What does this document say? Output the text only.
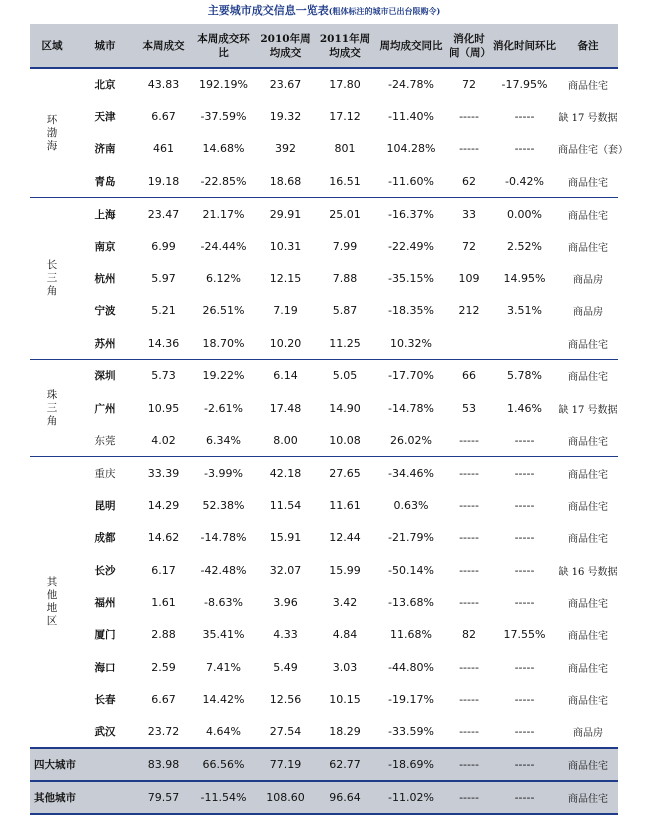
主要城市成交信息一览表(粗体标注的城市已出台限购令)
区域	城市	本周成交	本周成交环比	2010年周均成交	2011年周均成交	周均成交同比	消化时间（周）	消化时间环比	备注
环渤海	北京	43.83	192.19%	23.67	17.80	-24.78%	72	-17.95%	商品住宅
	天津	6.67	-37.59%	19.32	17.12	-11.40%	-----	-----	缺 17 号数据
	济南	461	14.68%	392	801	104.28%	-----	-----	商品住宅（套）
	青岛	19.18	-22.85%	18.68	16.51	-11.60%	62	-0.42%	商品住宅
长三角	上海	23.47	21.17%	29.91	25.01	-16.37%	33	0.00%	商品住宅
	南京	6.99	-24.44%	10.31	7.99	-22.49%	72	2.52%	商品住宅
	杭州	5.97	6.12%	12.15	7.88	-35.15%	109	14.95%	商品房
	宁波	5.21	26.51%	7.19	5.87	-18.35%	212	3.51%	商品房
	苏州	14.36	18.70%	10.20	11.25	10.32%			商品住宅
珠三角	深圳	5.73	19.22%	6.14	5.05	-17.70%	66	5.78%	商品住宅
	广州	10.95	-2.61%	17.48	14.90	-14.78%	53	1.46%	缺 17 号数据
	东莞	4.02	6.34%	8.00	10.08	26.02%	-----	-----	商品住宅
其他地区	重庆	33.39	-3.99%	42.18	27.65	-34.46%	-----	-----	商品住宅
	昆明	14.29	52.38%	11.54	11.61	0.63%	-----	-----	商品住宅
	成都	14.62	-14.78%	15.91	12.44	-21.79%	-----	-----	商品住宅
	长沙	6.17	-42.48%	32.07	15.99	-50.14%	-----	-----	缺 16 号数据
	福州	1.61	-8.63%	3.96	3.42	-13.68%	-----	-----	商品住宅
	厦门	2.88	35.41%	4.33	4.84	11.68%	82	17.55%	商品住宅
	海口	2.59	7.41%	5.49	3.03	-44.80%	-----	-----	商品住宅
	长春	6.67	14.42%	12.56	10.15	-19.17%	-----	-----	商品住宅
	武汉	23.72	4.64%	27.54	18.29	-33.59%	-----	-----	商品房
四大城市		83.98	66.56%	77.19	62.77	-18.69%	-----	-----	商品住宅
其他城市		79.57	-11.54%	108.60	96.64	-11.02%	-----	-----	商品住宅
